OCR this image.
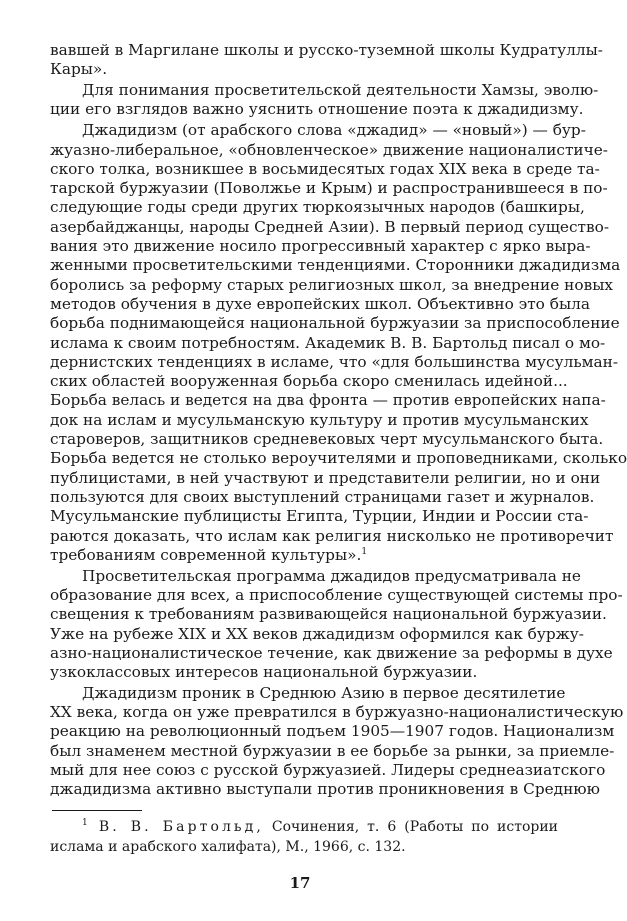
вавшей в Маргилане школы и русско-туземной школы Кудратуллы-
Кары».
Для понимания просветительской деятельности Хамзы, эволю-
ции его взглядов важно уяснить отношение поэта к джадидизму.
Джадидизм (от арабского слова «джадид» — «новый») — бур-
жуазно-либеральное, «обновленческое» движение националистиче-
ского толка, возникшее в восьмидесятых годах XIX века в среде та-
тарской буржуазии (Поволжье и Крым) и распространившееся в по-
следующие годы среди других тюркоязычных народов (башкиры,
азербайджанцы, народы Средней Азии). В первый период существо-
вания это движение носило прогрессивный характер с ярко выра-
женными просветительскими тенденциями. Сторонники джадидизма
боролись за реформу старых религиозных школ, за внедрение новых
методов обучения в духе европейских школ. Объективно это была
борьба поднимающейся национальной буржуазии за приспособление
ислама к своим потребностям. Академик В. В. Бартольд писал о мо-
дернистских тенденциях в исламе, что «для большинства мусульман-
ских областей вооруженная борьба скоро сменилась идейной...
Борьба велась и ведется на два фронта — против европейских напа-
док на ислам и мусульманскую культуру и против мусульманских
староверов, защитников средневековых черт мусульманского быта.
Борьба ведется не столько вероучителями и проповедниками, сколько
публицистами, в ней участвуют и представители религии, но и они
пользуются для своих выступлений страницами газет и журналов.
Мусульманские публицисты Египта, Турции, Индии и России ста-
раются доказать, что ислам как религия нисколько не противоречит
требованиям современной культуры».$^1$
Просветительская программа джадидов предусматривала не
образование для всех, а приспособление существующей системы про-
свещения к требованиям развивающейся национальной буржуазии.
Уже на рубеже XIX и XX веков джадидизм оформился как буржу-
азно-националистическое течение, как движение за реформы в духе
узкоклассовых интересов национальной буржуазии.
Джадидизм проник в Среднюю Азию в первое десятилетие
XX века, когда он уже превратился в буржуазно-националистическую
реакцию на революционный подъем 1905—1907 годов. Национализм
был знаменем местной буржуазии в ее борьбе за рынки, за приемле-
мый для нее союз с русской буржуазией. Лидеры среднеазиатского
джадидизма активно выступали против проникновения в Среднюю
$^1$ В. В. Бартольд, Сочинения, т. 6 (Работы по истории
ислама и арабского халифата), М., 1966, с. 132.
17
